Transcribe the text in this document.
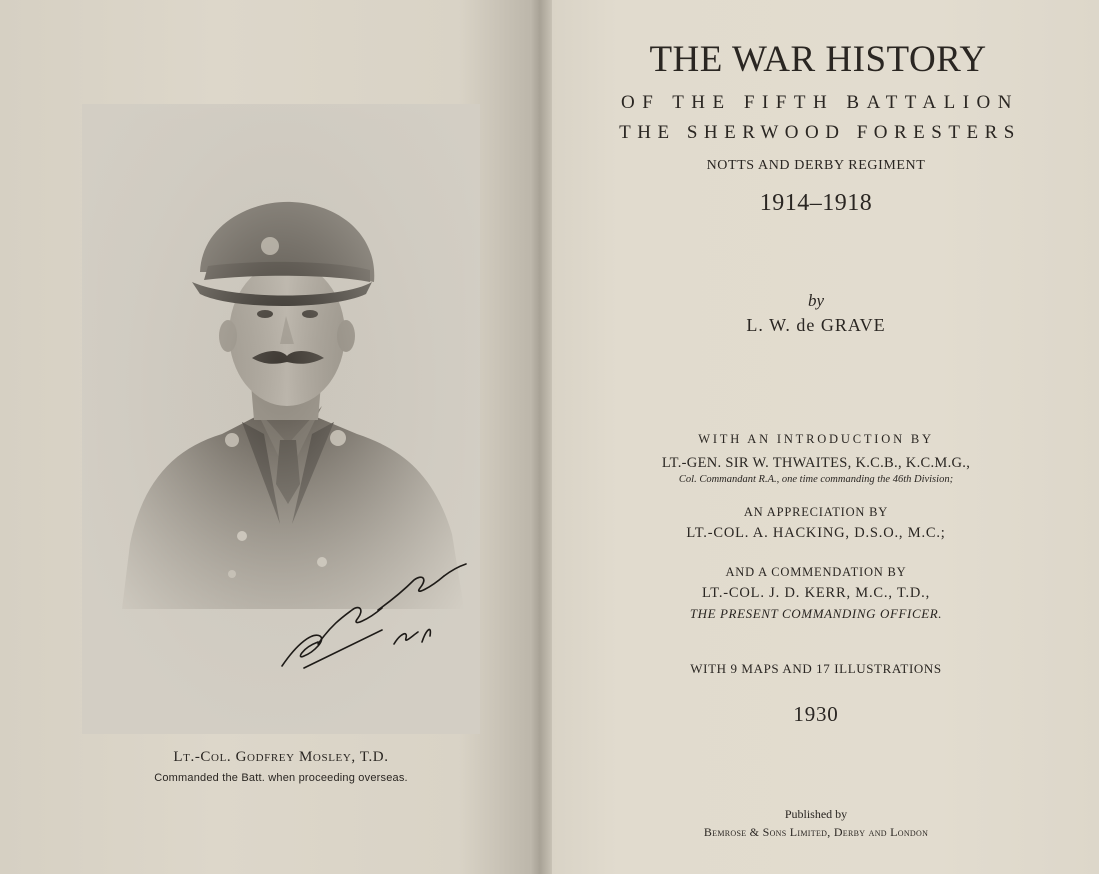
Lt.-Col. Godfrey Mosley, T.D.
Commanded the Batt. when proceeding overseas.
THE WAR HISTORY
OF THE FIFTH BATTALION
THE SHERWOOD FORESTERS
NOTTS AND DERBY REGIMENT
1914–1918
by
L. W. de GRAVE
WITH AN INTRODUCTION BY
LT.-GEN. SIR W. THWAITES, K.C.B., K.C.M.G.,
Col. Commandant R.A., one time commanding the 46th Division;
AN APPRECIATION BY
LT.-COL. A. HACKING, D.S.O., M.C.;
AND A COMMENDATION BY
LT.-COL. J. D. KERR, M.C., T.D.,
THE PRESENT COMMANDING OFFICER.
WITH 9 MAPS AND 17 ILLUSTRATIONS
1930
Published by
Bemrose & Sons Limited, Derby and London
